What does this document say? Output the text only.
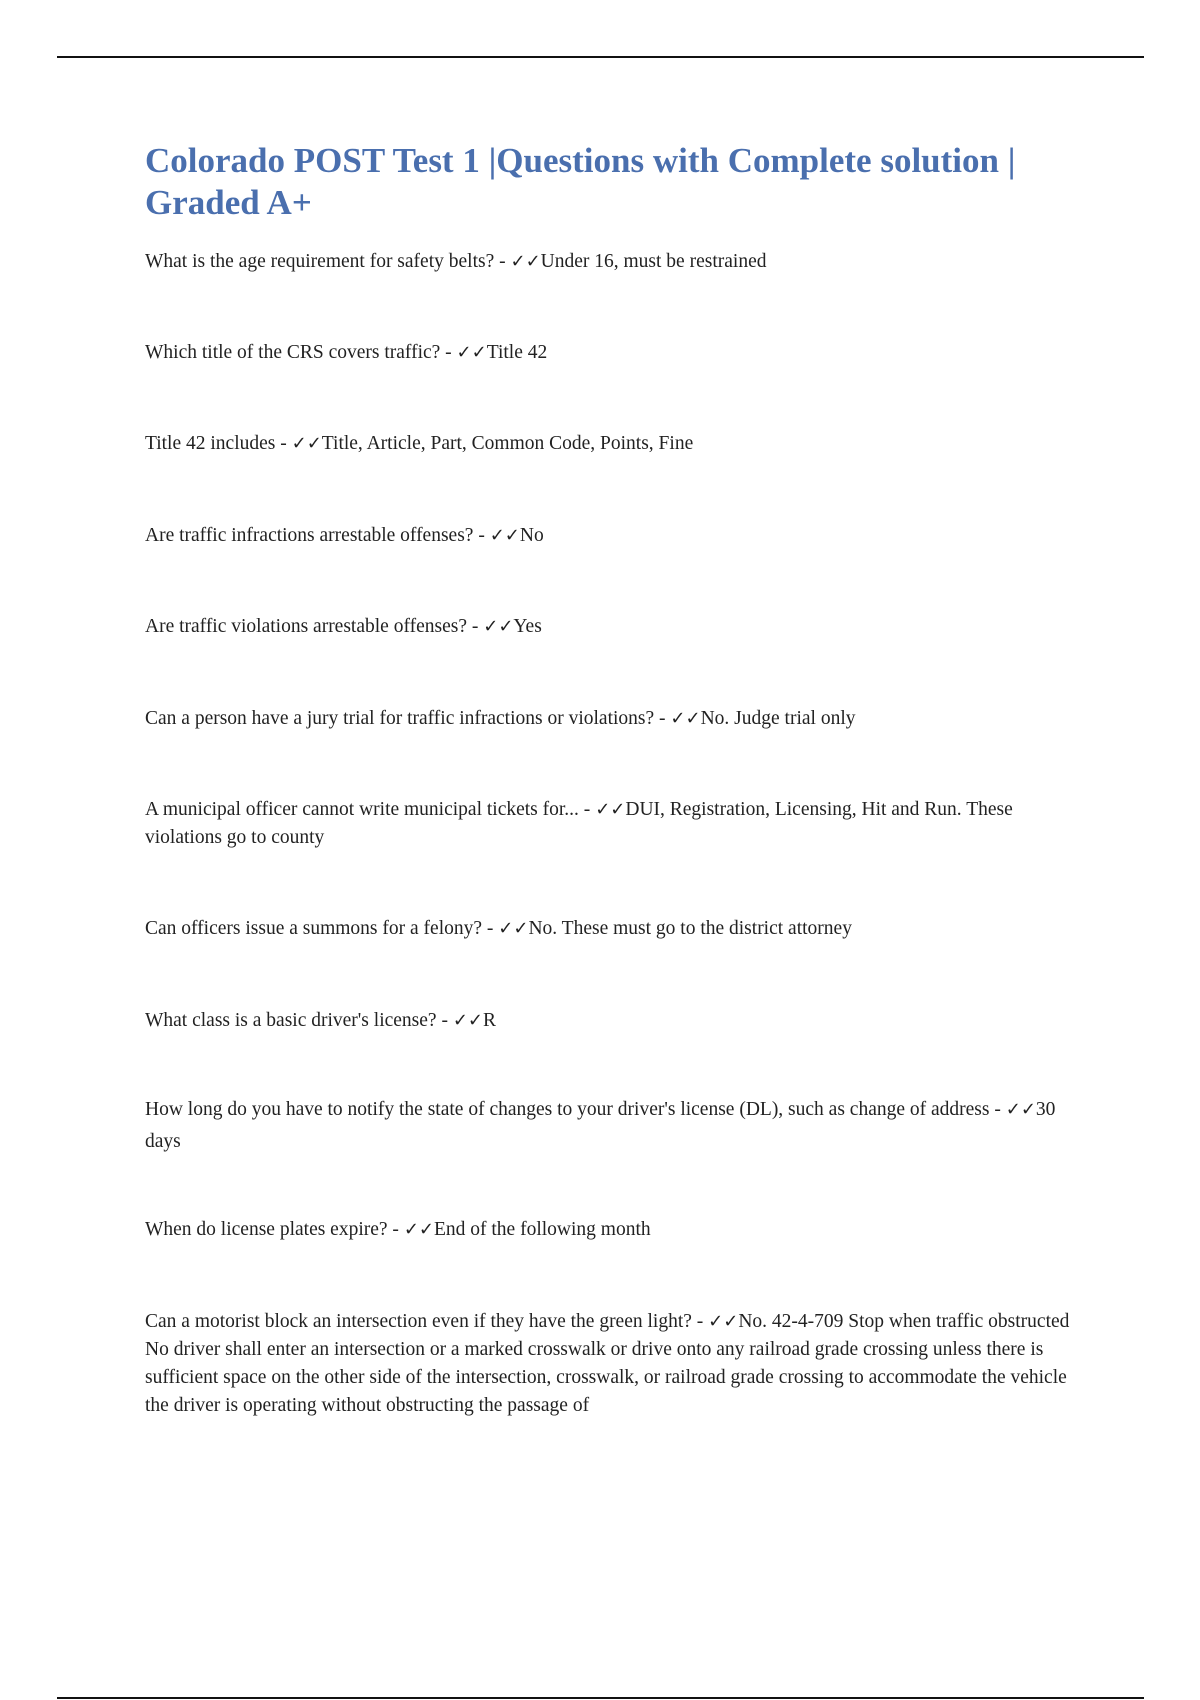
Colorado POST Test 1 |Questions with Complete solution | Graded A+

What is the age requirement for safety belts? - ✓✓Under 16, must be restrained

Which title of the CRS covers traffic? - ✓✓Title 42

Title 42 includes - ✓✓Title, Article, Part, Common Code, Points, Fine

Are traffic infractions arrestable offenses? - ✓✓No

Are traffic violations arrestable offenses? - ✓✓Yes

Can a person have a jury trial for traffic infractions or violations? - ✓✓No. Judge trial only

A municipal officer cannot write municipal tickets for... - ✓✓DUI, Registration, Licensing, Hit and Run. These violations go to county

Can officers issue a summons for a felony? - ✓✓No. These must go to the district attorney

What class is a basic driver's license? - ✓✓R

How long do you have to notify the state of changes to your driver's license (DL), such as change of address - ✓✓30 days

When do license plates expire? - ✓✓End of the following month

Can a motorist block an intersection even if they have the green light? - ✓✓No. 42-4-709 Stop when traffic obstructed No driver shall enter an intersection or a marked crosswalk or drive onto any railroad grade crossing unless there is sufficient space on the other side of the intersection, crosswalk, or railroad grade crossing to accommodate the vehicle the driver is operating without obstructing the passage of
